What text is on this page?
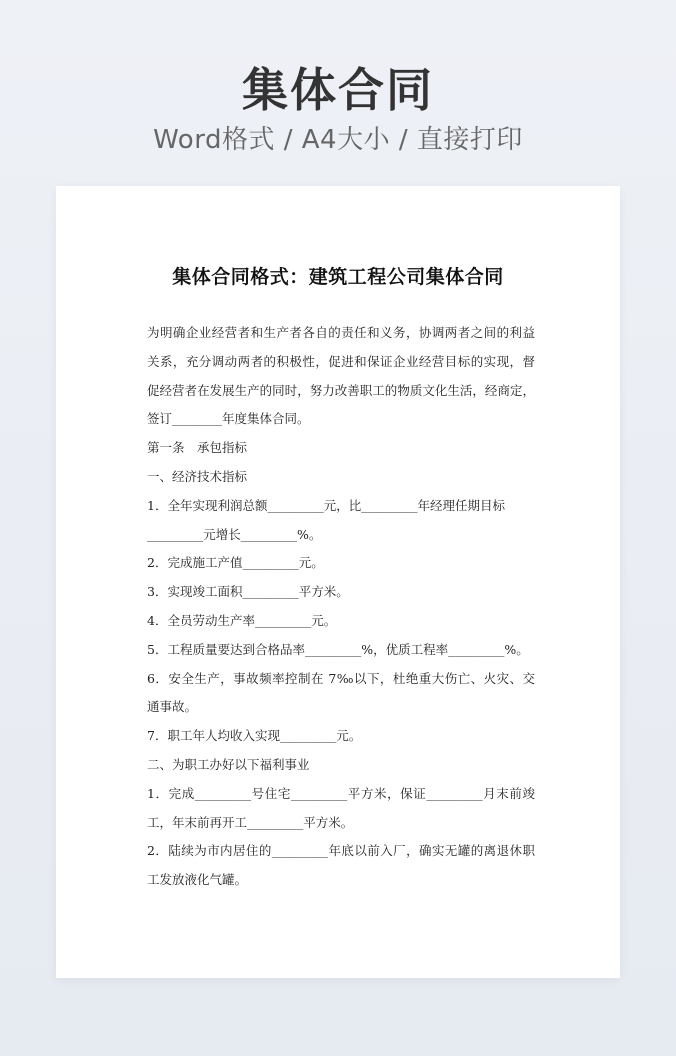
集体合同
Word格式 / A4大小 / 直接打印
集体合同格式：建筑工程公司集体合同
为明确企业经营者和生产者各自的责任和义务，协调两者之间的利益
关系，充分调动两者的积极性，促进和保证企业经营目标的实现，督
促经营者在发展生产的同时，努力改善职工的物质文化生活，经商定，
签订________年度集体合同。
第一条　承包指标
一、经济技术指标
1．全年实现利润总额_________元，比_________年经理任期目标
_________元增长_________%。
2．完成施工产值_________元。
3．实现竣工面积_________平方米。
4．全员劳动生产率_________元。
5．工程质量要达到合格品率_________%，优质工程率_________%。
6．安全生产，事故频率控制在 7‰以下，杜绝重大伤亡、火灾、交
通事故。
7．职工年人均收入实现_________元。
二、为职工办好以下福利事业
1．完成_________号住宅_________平方米，保证_________月末前竣
工，年末前再开工_________平方米。
2．陆续为市内居住的_________年底以前入厂，确实无罐的离退休职
工发放液化气罐。
